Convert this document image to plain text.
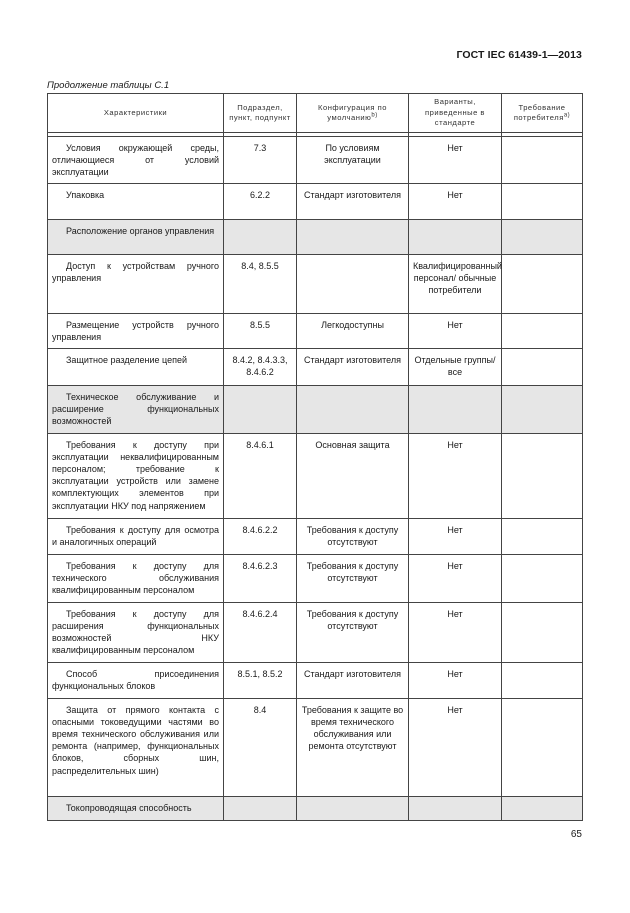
ГОСТ IEC 61439-1—2013
Продолжение таблицы С.1
Характеристики	Подраздел, пункт, подпункт	Конфигурация по умолчанию$^{b)}$	Варианты, приведенные в стандарте	Требование потребителя$^{a)}$

Условия окружающей среды, отличающиеся от условий эксплуатации	7.3	По условиям эксплуатации	Нет	

Упаковка	6.2.2	Стандарт изготовителя	Нет	

Расположение органов управления				

Доступ к устройствам ручного управления	8.4, 8.5.5		Квалифицированный персонал/ обычные потребители	

Размещение устройств ручного управления	8.5.5	Легкодоступны	Нет	

Защитное разделение цепей	8.4.2, 8.4.3.3, 8.4.6.2	Стандарт изготовителя	Отдельные группы/все	

Техническое обслуживание и расширение функциональных возможностей				

Требования к доступу при эксплуатации неквалифицированным персоналом; требование к эксплуатации устройств или замене комплектующих элементов при эксплуатации НКУ под напряжением	8.4.6.1	Основная защита	Нет	

Требования к доступу для осмотра и аналогичных операций	8.4.6.2.2	Требования к доступу отсутствуют	Нет	

Требования к доступу для технического обслуживания квалифицированным персоналом	8.4.6.2.3	Требования к доступу отсутствуют	Нет	

Требования к доступу для расширения функциональных возможностей НКУ квалифицированным персоналом	8.4.6.2.4	Требования к доступу отсутствуют	Нет	

Способ присоединения функциональных блоков	8.5.1, 8.5.2	Стандарт изготовителя	Нет	

Защита от прямого контакта с опасными токоведущими частями во время технического обслуживания или ремонта (например, функциональных блоков, сборных шин, распределительных шин)	8.4	Требования к защите во время технического обслуживания или ремонта отсутствуют	Нет	

Токопроводящая способность				

65
